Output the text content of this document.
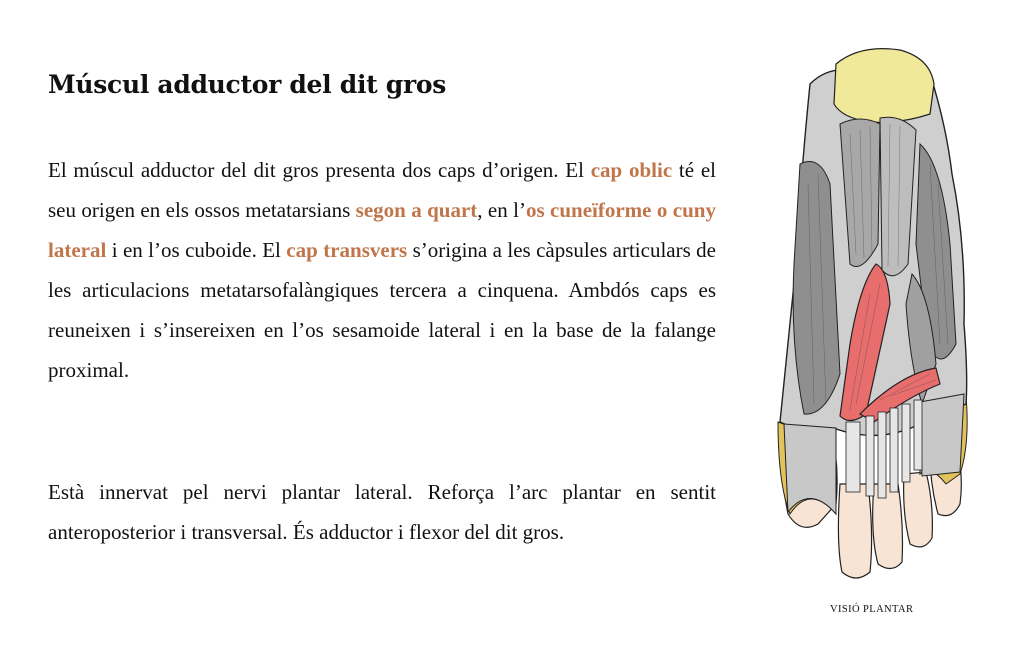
Múscul adductor del dit gros

El múscul adductor del dit gros presenta dos caps d’origen. El cap oblic té el seu origen en els ossos metatarsians segon a quart, en l’os cuneïforme o cuny lateral i en l’os cuboide. El cap transvers s’origina a les càpsules articulars de les articulacions metatarsofalàngiques tercera a cinquena. Ambdós caps es reuneixen i s’insereixen en l’os sesamoide lateral i en la base de la falange proximal.

Està innervat pel nervi plantar lateral. Reforça l’arc plantar en sentit anteroposterior i transversal. És adductor i flexor del dit gros.

VISIÓ PLANTAR
